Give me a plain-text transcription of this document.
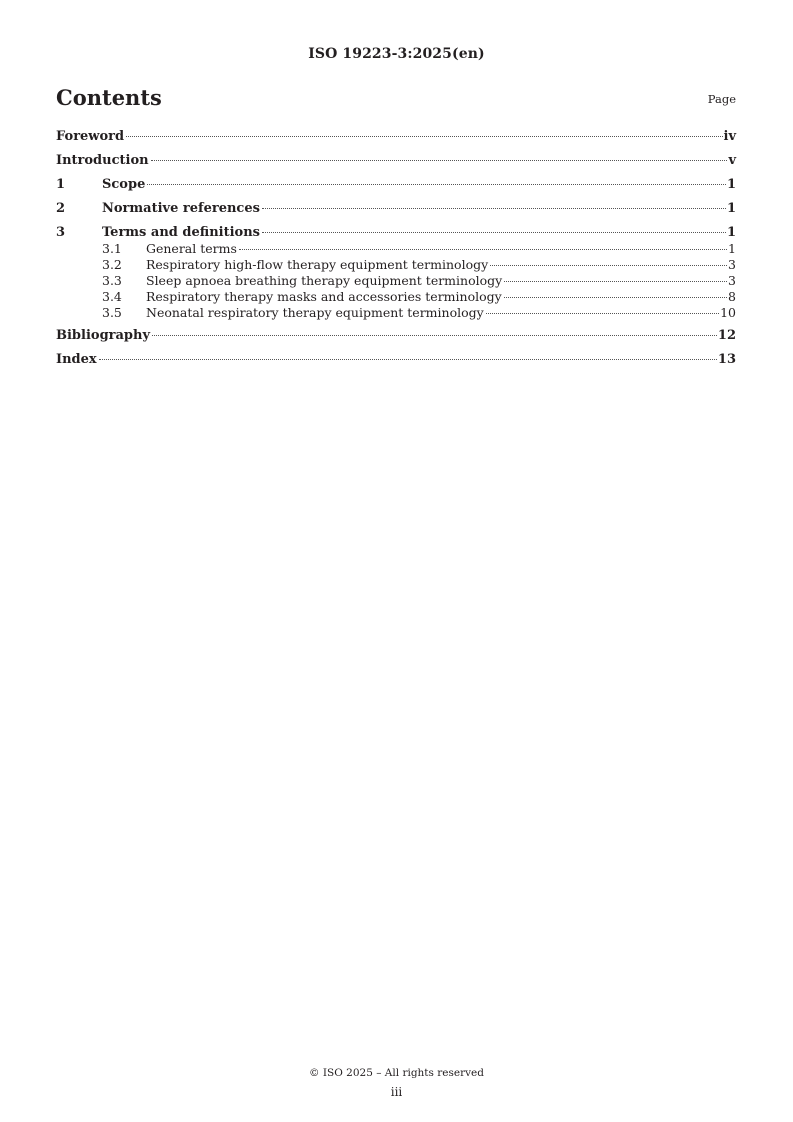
ISO 19223-3:2025(en)
Contents	Page
Foreword	iv
Introduction	v
1	Scope	1
2	Normative references	1
3	Terms and definitions	1
3.1	General terms	1
3.2	Respiratory high-flow therapy equipment terminology	3
3.3	Sleep apnoea breathing therapy equipment terminology	3
3.4	Respiratory therapy masks and accessories terminology	8
3.5	Neonatal respiratory therapy equipment terminology	10
Bibliography	12
Index	13
© ISO 2025 – All rights reserved
iii
